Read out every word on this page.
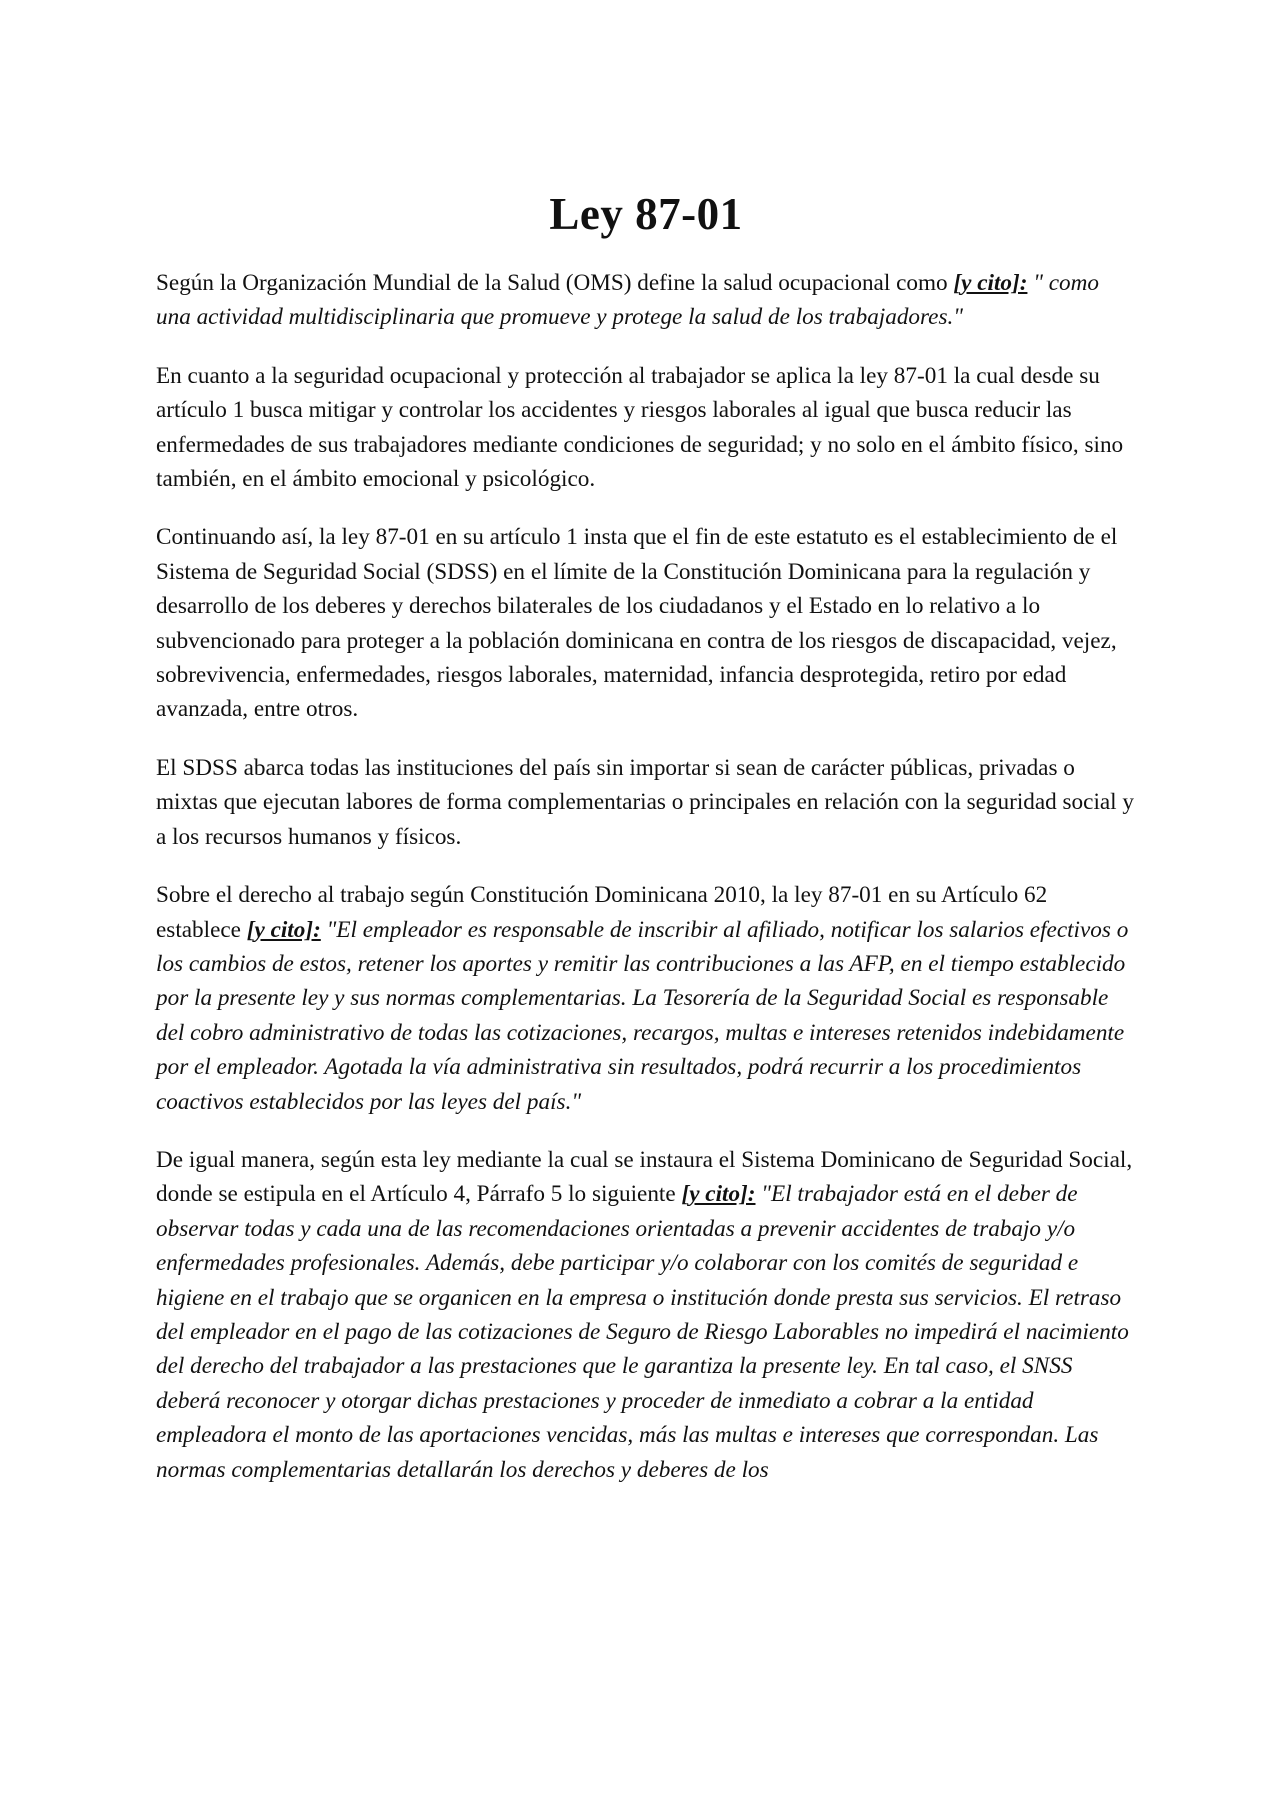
Ley 87-01

Según la Organización Mundial de la Salud (OMS) define la salud ocupacional como [y cito]: " como una actividad multidisciplinaria que promueve y protege la salud de los trabajadores."

En cuanto a la seguridad ocupacional y protección al trabajador se aplica la ley 87-01 la cual desde su artículo 1 busca mitigar y controlar los accidentes y riesgos laborales al igual que busca reducir las enfermedades de sus trabajadores mediante condiciones de seguridad; y no solo en el ámbito físico, sino también, en el ámbito emocional y psicológico.

Continuando así, la ley 87-01 en su artículo 1 insta que el fin de este estatuto es el establecimiento de el Sistema de Seguridad Social (SDSS) en el límite de la Constitución Dominicana para la regulación y desarrollo de los deberes y derechos bilaterales de los ciudadanos y el Estado en lo relativo a lo subvencionado para proteger a la población dominicana en contra de los riesgos de discapacidad, vejez, sobrevivencia, enfermedades, riesgos laborales, maternidad, infancia desprotegida, retiro por edad avanzada, entre otros.

El SDSS abarca todas las instituciones del país sin importar si sean de carácter públicas, privadas o mixtas que ejecutan labores de forma complementarias o principales en relación con la seguridad social y a los recursos humanos y físicos.

Sobre el derecho al trabajo según Constitución Dominicana 2010, la ley 87-01 en su Artículo 62 establece [y cito]: "El empleador es responsable de inscribir al afiliado, notificar los salarios efectivos o los cambios de estos, retener los aportes y remitir las contribuciones a las AFP, en el tiempo establecido por la presente ley y sus normas complementarias. La Tesorería de la Seguridad Social es responsable del cobro administrativo de todas las cotizaciones, recargos, multas e intereses retenidos indebidamente por el empleador. Agotada la vía administrativa sin resultados, podrá recurrir a los procedimientos coactivos establecidos por las leyes del país."

De igual manera, según esta ley mediante la cual se instaura el Sistema Dominicano de Seguridad Social, donde se estipula en el Artículo 4, Párrafo 5 lo siguiente [y cito]: "El trabajador está en el deber de observar todas y cada una de las recomendaciones orientadas a prevenir accidentes de trabajo y/o enfermedades profesionales. Además, debe participar y/o colaborar con los comités de seguridad e higiene en el trabajo que se organicen en la empresa o institución donde presta sus servicios. El retraso del empleador en el pago de las cotizaciones de Seguro de Riesgo Laborables no impedirá el nacimiento del derecho del trabajador a las prestaciones que le garantiza la presente ley. En tal caso, el SNSS deberá reconocer y otorgar dichas prestaciones y proceder de inmediato a cobrar a la entidad empleadora el monto de las aportaciones vencidas, más las multas e intereses que correspondan. Las normas complementarias detallarán los derechos y deberes de los
